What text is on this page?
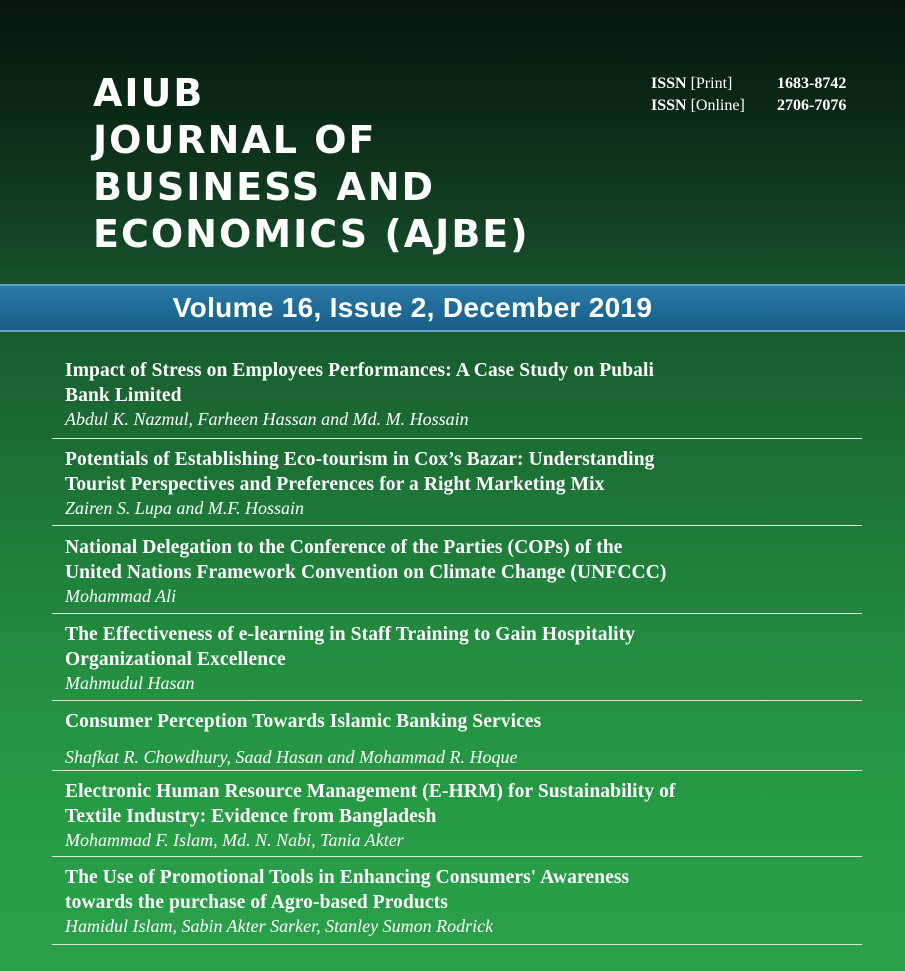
AIUB
JOURNAL OF
BUSINESS AND
ECONOMICS (AJBE)
ISSN [Print]	1683-8742
ISSN [Online]	2706-7076
Volume 16, Issue 2, December 2019
Impact of Stress on Employees Performances: A Case Study on Pubali
Bank Limited
Abdul K. Nazmul, Farheen Hassan and Md. M. Hossain
Potentials of Establishing Eco-tourism in Cox’s Bazar: Understanding
Tourist Perspectives and Preferences for a Right Marketing Mix
Zairen S. Lupa and M.F. Hossain
National Delegation to the Conference of the Parties (COPs) of the
United Nations Framework Convention on Climate Change (UNFCCC)
Mohammad Ali
The Effectiveness of e-learning in Staff Training to Gain Hospitality
Organizational Excellence
Mahmudul Hasan
Consumer Perception Towards Islamic Banking Services
Shafkat R. Chowdhury, Saad Hasan and Mohammad R. Hoque
Electronic Human Resource Management (E-HRM) for Sustainability of
Textile Industry: Evidence from Bangladesh
Mohammad F. Islam, Md. N. Nabi, Tania Akter
The Use of Promotional Tools in Enhancing Consumers' Awareness
towards the purchase of Agro-based Products
Hamidul Islam, Sabin Akter Sarker, Stanley Sumon Rodrick
